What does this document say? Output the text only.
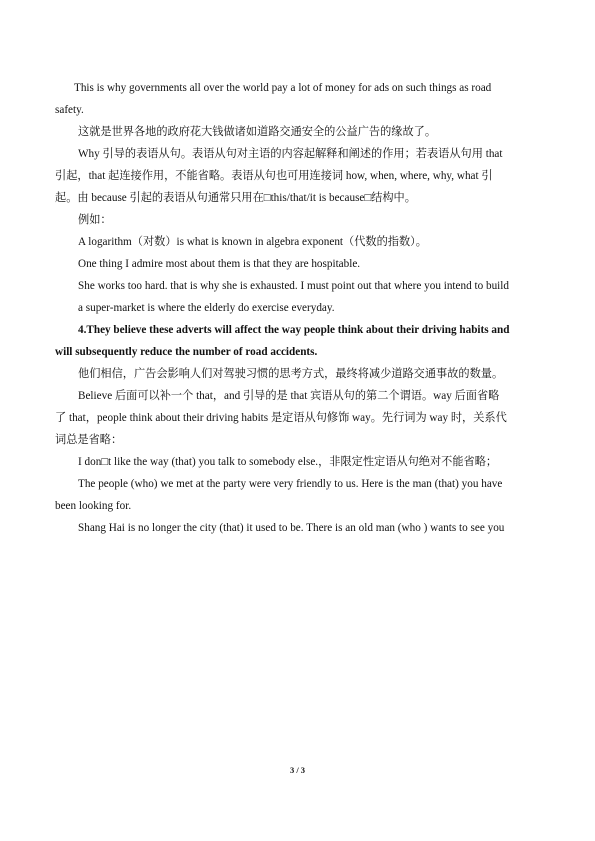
This is why governments all over the world pay a lot of money for ads on such things as road

safety.

这就是世界各地的政府花大钱做诸如道路交通安全的公益广告的缘故了。

Why 引导的表语从句。表语从句对主语的内容起解释和阐述的作用；若表语从句用 that

引起，that 起连接作用，不能省略。表语从句也可用连接词 how, when, where, why, what 引

起。由 because 引起的表语从句通常只用在□this/that/it is because□结构中。

例如：

A logarithm（对数）is what is known in algebra exponent（代数的指数）。

One thing I admire most about them is that they are hospitable.

She works too hard. that is why she is exhausted. I must point out that where you intend to build

a super-market is where the elderly do exercise everyday.

4.They believe these adverts will affect the way people think about their driving habits and

will subsequently reduce the number of road accidents.

他们相信，广告会影响人们对驾驶习惯的思考方式，最终将减少道路交通事故的数量。

Believe 后面可以补一个 that，and 引导的是 that 宾语从句的第二个谓语。way 后面省略

了 that，people think about their driving habits 是定语从句修饰 way。先行词为 way 时，关系代

词总是省略：

I don□t like the way (that) you talk to somebody else.，非限定性定语从句绝对不能省略；

The people (who) we met at the party were very friendly to us. Here is the man (that) you have

been looking for.

Shang Hai is no longer the city (that) it used to be. There is an old man (who ) wants to see you

3 / 3
